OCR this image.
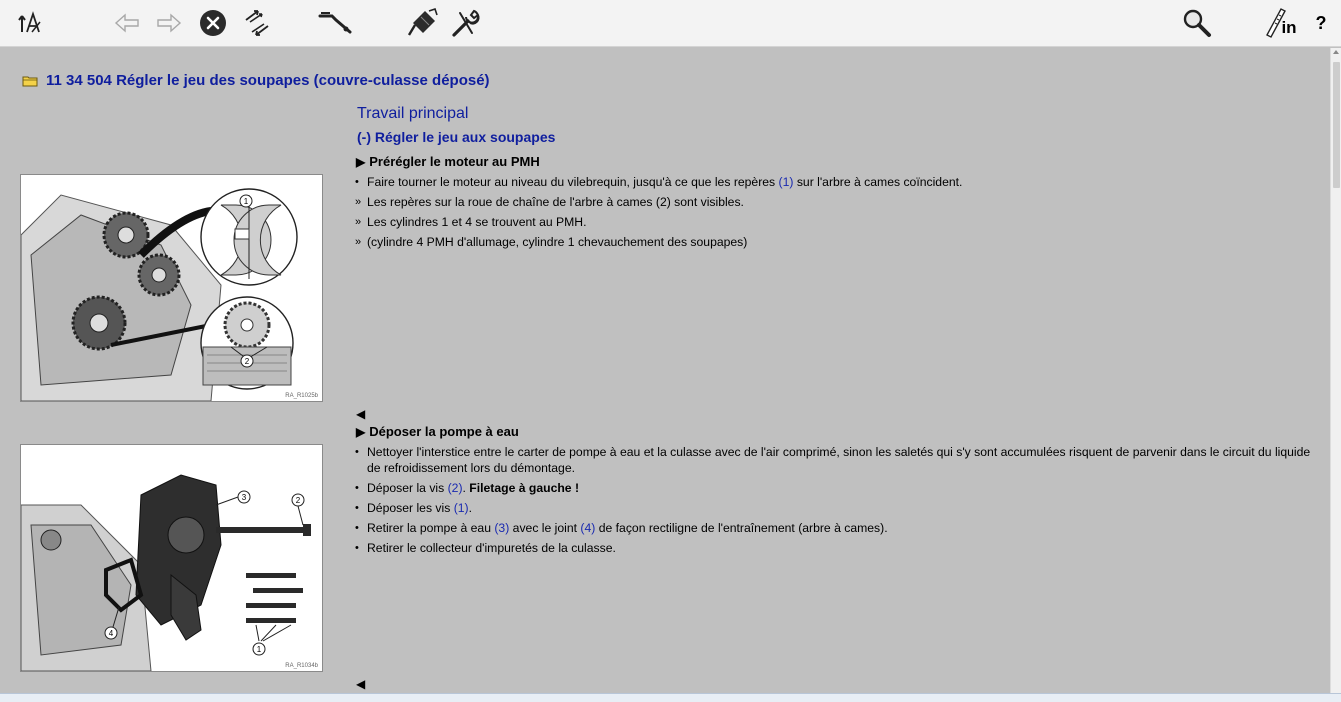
in ?
11 34 504 Régler le jeu des soupapes (couvre-culasse déposé)
Travail principal
(-) Régler le jeu aux soupapes
▶ Prérégler le moteur au PMH
• Faire tourner le moteur au niveau du vilebrequin, jusqu'à ce que les repères (1) sur l'arbre à cames coïncident.
» Les repères sur la roue de chaîne de l'arbre à cames (2) sont visibles.
» Les cylindres 1 et 4 se trouvent au PMH.
» (cylindre 4 PMH d'allumage, cylindre 1 chevauchement des soupapes)
1
2
RA_R1025b
◀
▶ Déposer la pompe à eau
• Nettoyer l'interstice entre le carter de pompe à eau et la culasse avec de l'air comprimé, sinon les saletés qui s'y sont accumulées risquent de parvenir dans le circuit du liquide de refroidissement lors du démontage.
• Déposer la vis (2). Filetage à gauche !
• Déposer les vis (1).
• Retirer la pompe à eau (3) avec le joint (4) de façon rectiligne de l'entraînement (arbre à cames).
• Retirer le collecteur d'impuretés de la culasse.
3	2
4
1
RA_R1034b
◀
